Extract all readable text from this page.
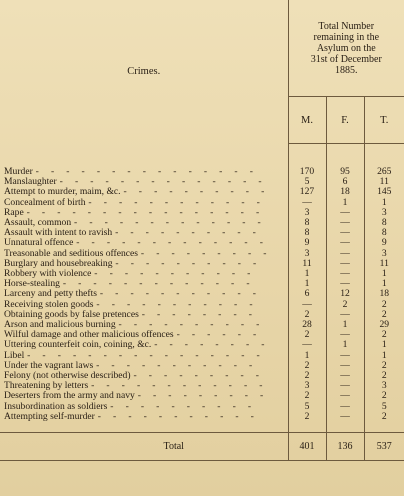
Crimes.	Total Number
remaining in the
Asylum on the
31st of December
1885.		

	M.	F.	T.

Murder -    -    -    -    -    -    -    -    -    -    -    -    -    -    -	170	95	265
Manslaughter -    -    -    -    -    -    -    -    -    -    -    -    -    -	5	6	11
Attempt to murder, maim, &c. -    -    -    -    -    -    -    -    -    -	127	18	145
Concealment of birth -    -    -    -    -    -    -    -    -    -    -    -	—	1	1
Rape -    -    -    -    -    -    -    -    -    -    -    -    -    -    -    -	3	—	3
Assault, common -    -    -    -    -    -    -    -    -    -    -    -    -	8	—	8
Assault with intent to ravish -    -    -    -    -    -    -    -    -    -	8	—	8
Unnatural offence -    -    -    -    -    -    -    -    -    -    -    -    -	9	—	9
Treasonable and seditious offences -    -    -    -    -    -    -    -    -	3	—	3
Burglary and housebreaking -    -    -    -    -    -    -    -    -    -	11	—	11
Robbery with violence -    -    -    -    -    -    -    -    -    -    -	1	—	1
Horse-stealing -    -    -    -    -    -    -    -    -    -    -    -    -	1	—	1
Larceny and petty thefts -    -    -    -    -    -    -    -    -    -    -	6	12	18
Receiving stolen goods -    -    -    -    -    -    -    -    -    -    -	—	2	2
Obtaining goods by false pretences -    -    -    -    -    -    -    -	2	—	2
Arson and malicious burning -    -    -    -    -    -    -    -    -    -	28	1	29
Wilful damage and other malicious offences -    -    -    -    -    -	2	—	2
Uttering counterfeit coin, coining, &c. -    -    -    -    -    -    -    -	—	1	1
Libel -    -    -    -    -    -    -    -    -    -    -    -    -    -    -    -	1	—	1
Under the vagrant laws -    -    -    -    -    -    -    -    -    -    -	2	—	2
Felony (not otherwise described) -    -    -    -    -    -    -    -    -	2	—	2
Threatening by letters -    -    -    -    -    -    -    -    -    -    -    -	3	—	3
Deserters from the army and navy -    -    -    -    -    -    -    -    -	2	—	2
Insubordination as soldiers -    -    -    -    -    -    -    -    -    -	5	—	5
Attempting self-murder -    -    -    -    -    -    -    -    -    -    -	2	—	2

Total	401	136	537
